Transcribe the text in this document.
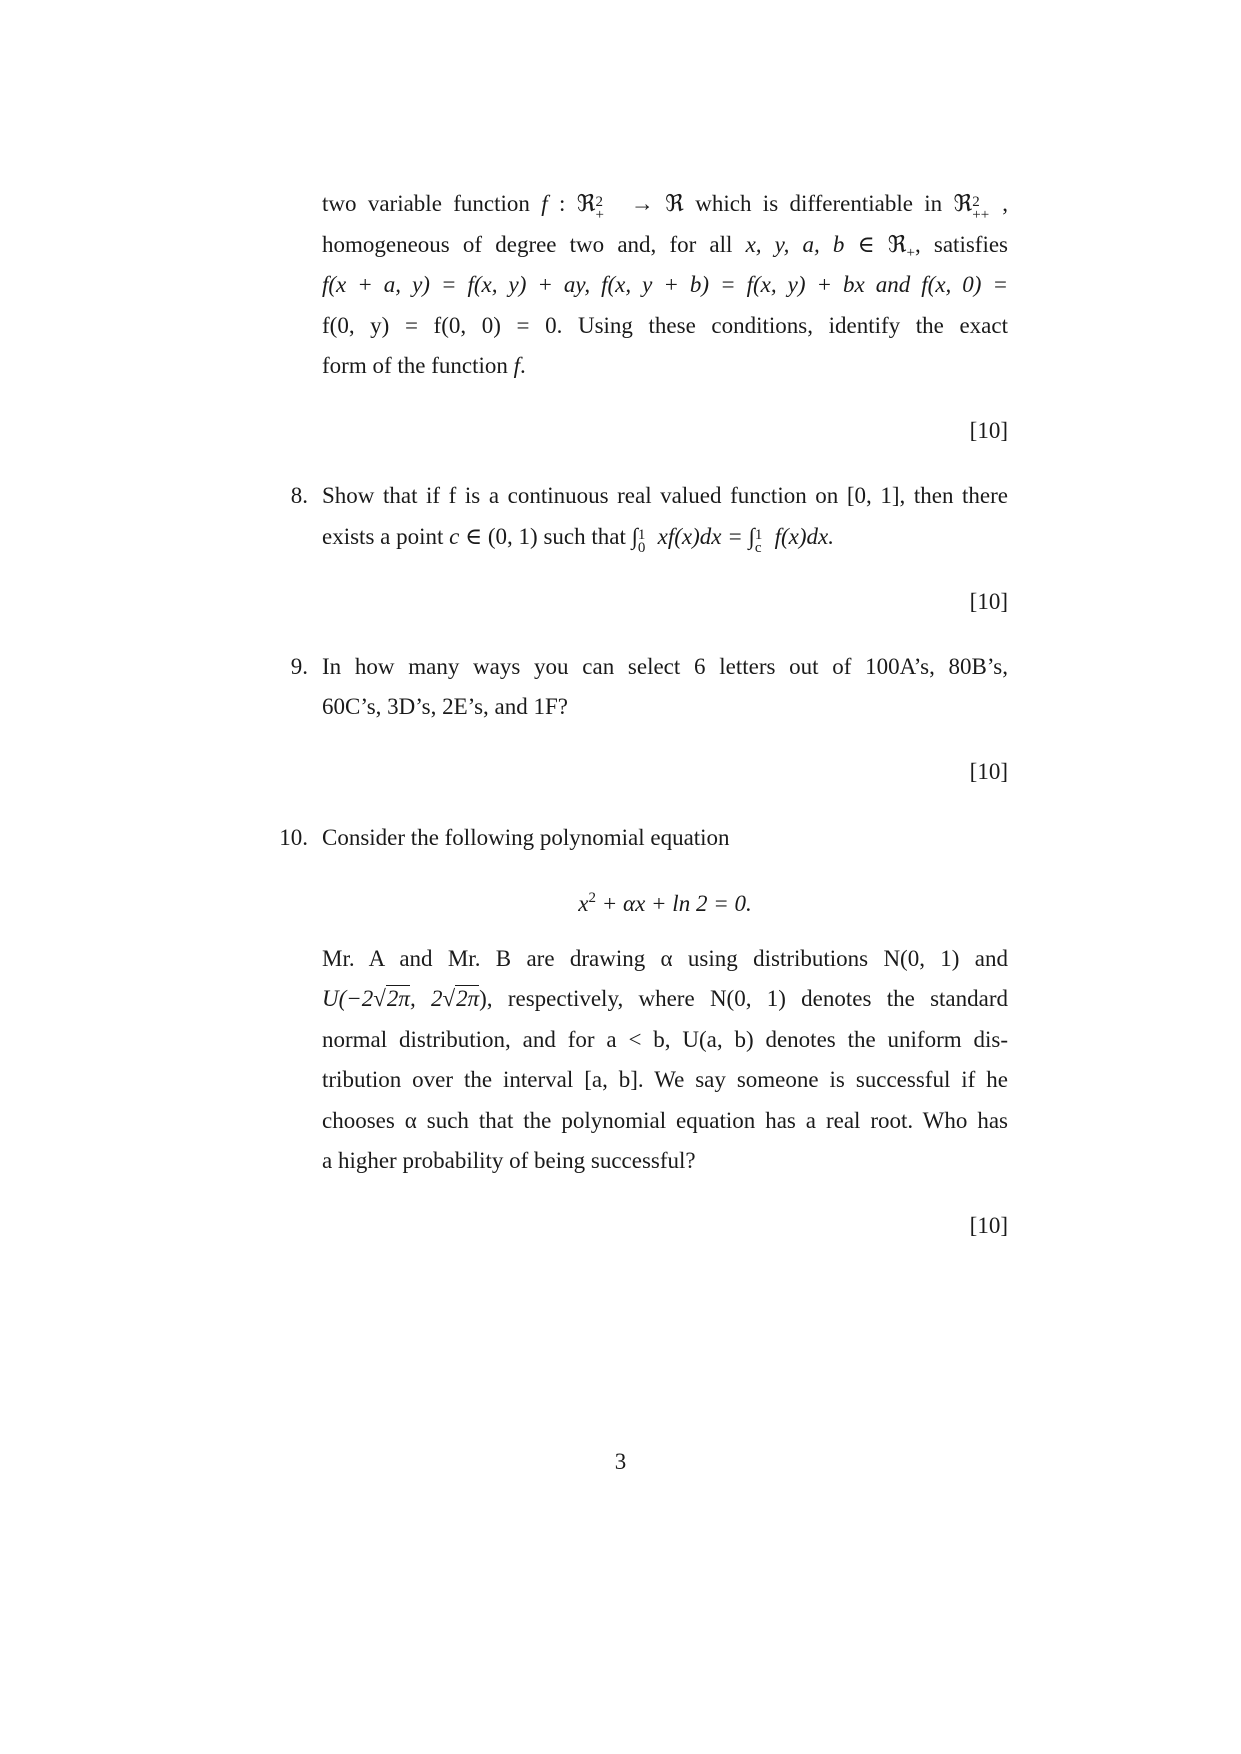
two variable function f : ℜ 2
+ → ℜ which is differentiable in ℜ 2
++ ,
homogeneous of degree two and, for all x, y, a, b ∈ ℜ$_+$, satisfies
f(x + a, y) = f(x, y) + ay, f(x, y + b) = f(x, y) + bx and f(x, 0) =
f(0, y) = f(0, 0) = 0. Using these conditions, identify the exact
form of the function f.
[10]
8. Show that if f is a continuous real valued function on [0, 1], then there
exists a point c ∈ (0, 1) such that ∫ 1
0 xf(x)dx = ∫ 1
c f(x)dx.
[10]
9. In how many ways you can select 6 letters out of 100A’s, 80B’s,
60C’s, 3D’s, 2E’s, and 1F?
[10]
10. Consider the following polynomial equation
$x^2 + \alpha x + \ln 2 = 0$.
Mr. A and Mr. B are drawing α using distributions N(0, 1) and
U(−2√2π, 2√2π), respectively, where N(0, 1) denotes the standard
normal distribution, and for a < b, U(a, b) denotes the uniform dis-
tribution over the interval [a, b]. We say someone is successful if he
chooses α such that the polynomial equation has a real root. Who has
a higher probability of being successful?
[10]
3
